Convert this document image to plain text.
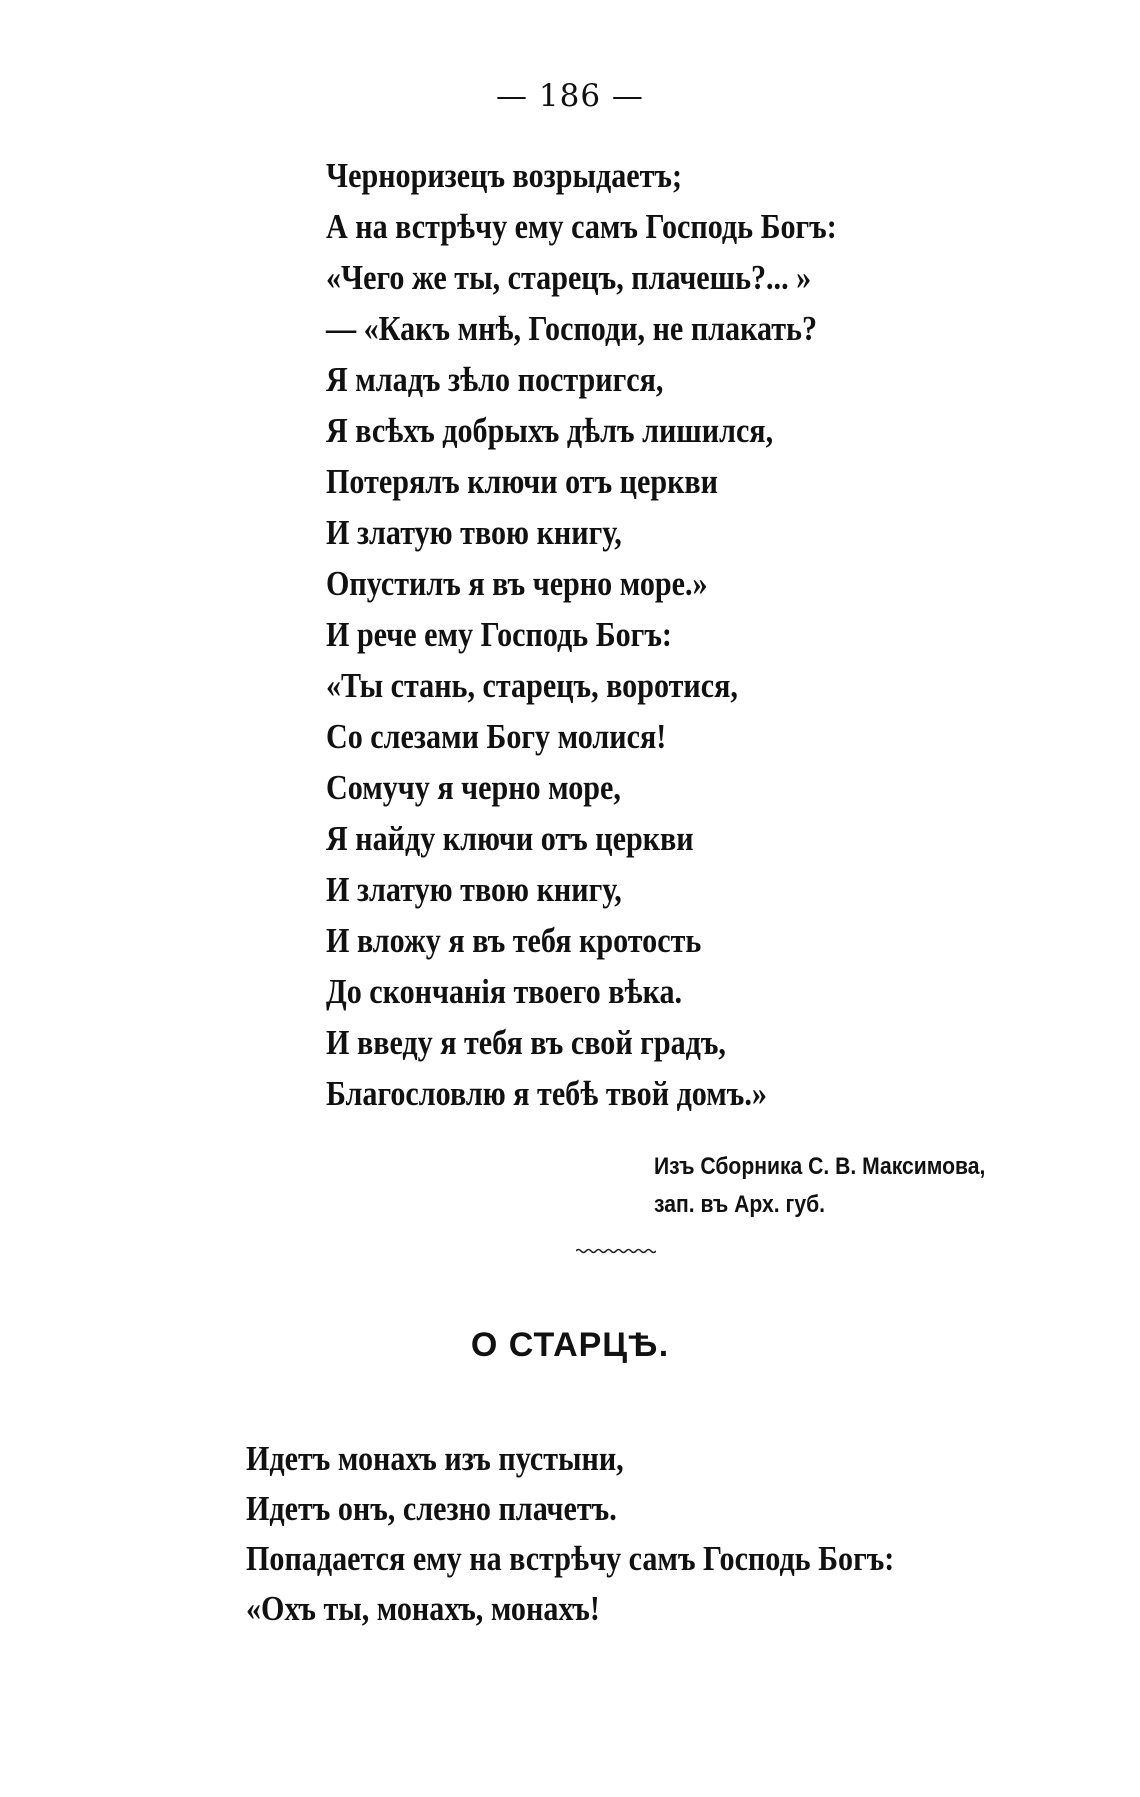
— 186 —
Черноризецъ возрыдаетъ;
А на встрѣчу ему самъ Господь Богъ:
«Чего же ты, старецъ, плачешь?... »
— «Какъ мнѣ, Господи, не плакать?
Я младъ зѣло постригся,
Я всѣхъ добрыхъ дѣлъ лишился,
Потерялъ ключи отъ церкви
И златую твою книгу,
Опустилъ я въ черно море.»
И рече ему Господь Богъ:
«Ты стань, старецъ, воротися,
Со слезами Богу молися!
Сомучу я черно море,
Я найду ключи отъ церкви
И златую твою книгу,
И вложу я въ тебя кротость
До скончанія твоего вѣка.
И введу я тебя въ свой градъ,
Благословлю я тебѣ твой домъ.»
Изъ Сборника С. В. Максимова,
зап. въ Арх. губ.
О СТАРЦѢ.
Идетъ монахъ изъ пустыни,
Идетъ онъ, слезно плачетъ.
Попадается ему на встрѣчу самъ Господь Богъ:
«Охъ ты, монахъ, монахъ!
